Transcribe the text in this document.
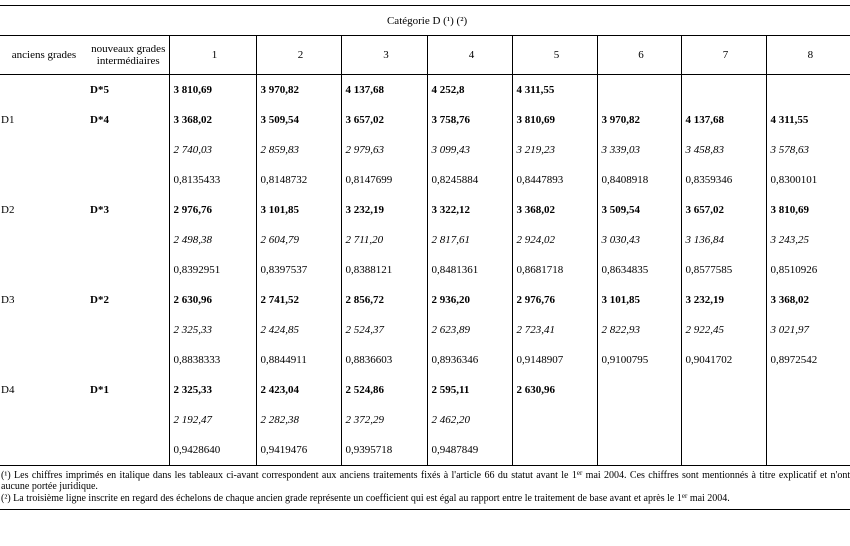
Catégorie D (¹) (²)									
anciens grades	nouveaux grades intermédiaires	1	2	3	4	5	6	7	8
	D*5	3 810,69	3 970,82	4 137,68	4 252,8	4 311,55			
D1	D*4	3 368,02	3 509,54	3 657,02	3 758,76	3 810,69	3 970,82	4 137,68	4 311,55
		2 740,03	2 859,83	2 979,63	3 099,43	3 219,23	3 339,03	3 458,83	3 578,63
		0,8135433	0,8148732	0,8147699	0,8245884	0,8447893	0,8408918	0,8359346	0,8300101
D2	D*3	2 976,76	3 101,85	3 232,19	3 322,12	3 368,02	3 509,54	3 657,02	3 810,69
		2 498,38	2 604,79	2 711,20	2 817,61	2 924,02	3 030,43	3 136,84	3 243,25
		0,8392951	0,8397537	0,8388121	0,8481361	0,8681718	0,8634835	0,8577585	0,8510926
D3	D*2	2 630,96	2 741,52	2 856,72	2 936,20	2 976,76	3 101,85	3 232,19	3 368,02
		2 325,33	2 424,85	2 524,37	2 623,89	2 723,41	2 822,93	2 922,45	3 021,97
		0,8838333	0,8844911	0,8836603	0,8936346	0,9148907	0,9100795	0,9041702	0,8972542
D4	D*1	2 325,33	2 423,04	2 524,86	2 595,11	2 630,96			
		2 192,47	2 282,38	2 372,29	2 462,20				
		0,9428640	0,9419476	0,9395718	0,9487849				
(¹) Les chiffres imprimés en italique dans les tableaux ci-avant correspondent aux anciens traitements fixés à l'article 66 du statut avant le 1er mai 2004. Ces chiffres sont mentionnés à titre explicatif et n'ont aucune portée juridique.									
(²) La troisième ligne inscrite en regard des échelons de chaque ancien grade représente un coefficient qui est égal au rapport entre le traitement de base avant et après le 1er mai 2004.									
